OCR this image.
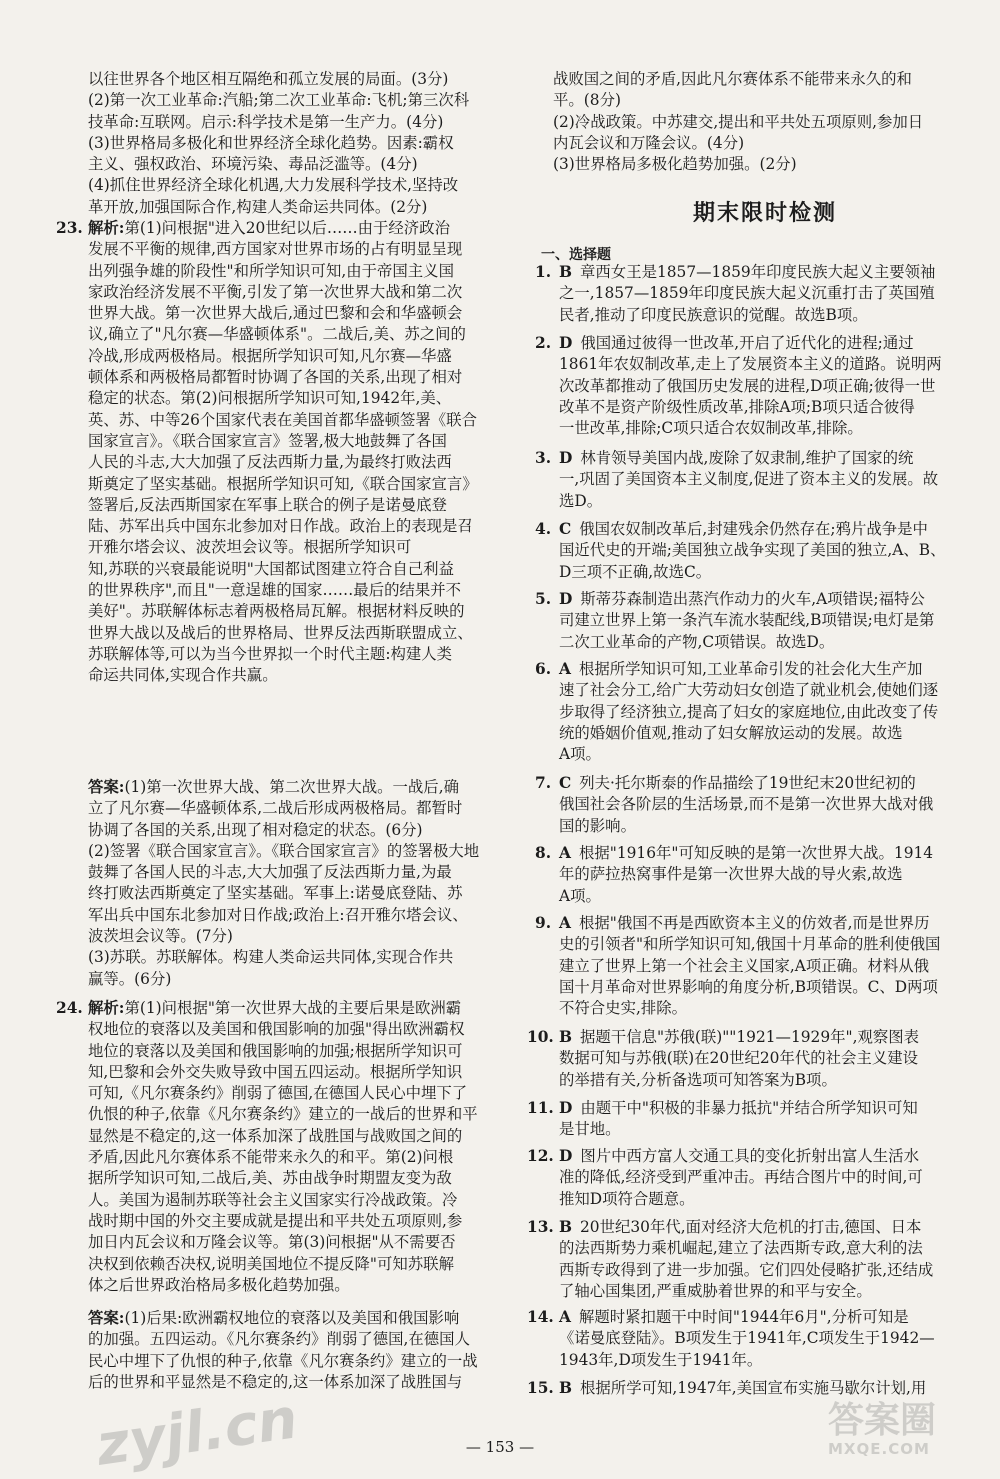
以往世界各个地区相互隔绝和孤立发展的局面。(3分)
(2)第一次工业革命:汽船;第二次工业革命:飞机;第三次科
技革命:互联网。启示:科学技术是第一生产力。(4分)
(3)世界格局多极化和世界经济全球化趋势。因素:霸权
主义、强权政治、环境污染、毒品泛滥等。(4分)
(4)抓住世界经济全球化机遇,大力发展科学技术,坚持改
革开放,加强国际合作,构建人类命运共同体。(2分)
23. 解析:第(1)问根据"进入20世纪以后……由于经济政治
发展不平衡的规律,西方国家对世界市场的占有明显呈现
出列强争雄的阶段性"和所学知识可知,由于帝国主义国
家政治经济发展不平衡,引发了第一次世界大战和第二次
世界大战。第一次世界大战后,通过巴黎和会和华盛顿会
议,确立了"凡尔赛—华盛顿体系"。二战后,美、苏之间的
冷战,形成两极格局。根据所学知识可知,凡尔赛—华盛
顿体系和两极格局都暂时协调了各国的关系,出现了相对
稳定的状态。第(2)问根据所学知识可知,1942年,美、
英、苏、中等26个国家代表在美国首都华盛顿签署《联合
国家宣言》。《联合国家宣言》签署,极大地鼓舞了各国
人民的斗志,大大加强了反法西斯力量,为最终打败法西
斯奠定了坚实基础。根据所学知识可知,《联合国家宣言》
签署后,反法西斯国家在军事上联合的例子是诺曼底登
陆、苏军出兵中国东北参加对日作战。政治上的表现是召
开雅尔塔会议、波茨坦会议等。根据所学知识可
知,苏联的兴衰最能说明"大国都试图建立符合自己利益
的世界秩序",而且"一意逞雄的国家……最后的结果并不
美好"。苏联解体标志着两极格局瓦解。根据材料反映的
世界大战以及战后的世界格局、世界反法西斯联盟成立、
苏联解体等,可以为当今世界拟一个时代主题:构建人类
命运共同体,实现合作共赢。
答案:(1)第一次世界大战、第二次世界大战。一战后,确
立了凡尔赛—华盛顿体系,二战后形成两极格局。都暂时
协调了各国的关系,出现了相对稳定的状态。(6分)
(2)签署《联合国家宣言》。《联合国家宣言》的签署极大地
鼓舞了各国人民的斗志,大大加强了反法西斯力量,为最
终打败法西斯奠定了坚实基础。军事上:诺曼底登陆、苏
军出兵中国东北参加对日作战;政治上:召开雅尔塔会议、
波茨坦会议等。(7分)
(3)苏联。苏联解体。构建人类命运共同体,实现合作共
赢等。(6分)
24. 解析:第(1)问根据"第一次世界大战的主要后果是欧洲霸
权地位的衰落以及美国和俄国影响的加强"得出欧洲霸权
地位的衰落以及美国和俄国影响的加强;根据所学知识可
知,巴黎和会外交失败导致中国五四运动。根据所学知识
可知,《凡尔赛条约》削弱了德国,在德国人民心中埋下了
仇恨的种子,依靠《凡尔赛条约》建立的一战后的世界和平
显然是不稳定的,这一体系加深了战胜国与战败国之间的
矛盾,因此凡尔赛体系不能带来永久的和平。第(2)问根
据所学知识可知,二战后,美、苏由战争时期盟友变为敌
人。美国为遏制苏联等社会主义国家实行冷战政策。冷
战时期中国的外交主要成就是提出和平共处五项原则,参
加日内瓦会议和万隆会议等。第(3)问根据"从不需要否
决权到依赖否决权,说明美国地位不提反降"可知苏联解
体之后世界政治格局多极化趋势加强。
答案:(1)后果:欧洲霸权地位的衰落以及美国和俄国影响
的加强。五四运动。《凡尔赛条约》削弱了德国,在德国人
民心中埋下了仇恨的种子,依靠《凡尔赛条约》建立的一战
后的世界和平显然是不稳定的,这一体系加深了战胜国与
战败国之间的矛盾,因此凡尔赛体系不能带来永久的和
平。(8分)
(2)冷战政策。中苏建交,提出和平共处五项原则,参加日
内瓦会议和万隆会议。(4分)
(3)世界格局多极化趋势加强。(2分)
期末限时检测
一、选择题
1. B 章西女王是1857—1859年印度民族大起义主要领袖
之一,1857—1859年印度民族大起义沉重打击了英国殖
民者,推动了印度民族意识的觉醒。故选B项。
2. D 俄国通过彼得一世改革,开启了近代化的进程;通过
1861年农奴制改革,走上了发展资本主义的道路。说明两
次改革都推动了俄国历史发展的进程,D项正确;彼得一世
改革不是资产阶级性质改革,排除A项;B项只适合彼得
一世改革,排除;C项只适合农奴制改革,排除。
3. D 林肯领导美国内战,废除了奴隶制,维护了国家的统
一,巩固了美国资本主义制度,促进了资本主义的发展。故
选D。
4. C 俄国农奴制改革后,封建残余仍然存在;鸦片战争是中
国近代史的开端;美国独立战争实现了美国的独立,A、B、
D三项不正确,故选C。
5. D 斯蒂芬森制造出蒸汽作动力的火车,A项错误;福特公
司建立世界上第一条汽车流水装配线,B项错误;电灯是第
二次工业革命的产物,C项错误。故选D。
6. A 根据所学知识可知,工业革命引发的社会化大生产加
速了社会分工,给广大劳动妇女创造了就业机会,使她们逐
步取得了经济独立,提高了妇女的家庭地位,由此改变了传
统的婚姻价值观,推动了妇女解放运动的发展。故选
A项。
7. C 列夫·托尔斯泰的作品描绘了19世纪末20世纪初的
俄国社会各阶层的生活场景,而不是第一次世界大战对俄
国的影响。
8. A 根据"1916年"可知反映的是第一次世界大战。1914
年的萨拉热窝事件是第一次世界大战的导火索,故选
A项。
9. A 根据"俄国不再是西欧资本主义的仿效者,而是世界历
史的引领者"和所学知识可知,俄国十月革命的胜利使俄国
建立了世界上第一个社会主义国家,A项正确。材料从俄
国十月革命对世界影响的角度分析,B项错误。C、D两项
不符合史实,排除。
10. B 据题干信息"苏俄(联)""1921—1929年",观察图表
数据可知与苏俄(联)在20世纪20年代的社会主义建设
的举措有关,分析备选项可知答案为B项。
11. D 由题干中"积极的非暴力抵抗"并结合所学知识可知
是甘地。
12. D 图片中西方富人交通工具的变化折射出富人生活水
准的降低,经济受到严重冲击。再结合图片中的时间,可
推知D项符合题意。
13. B 20世纪30年代,面对经济大危机的打击,德国、日本
的法西斯势力乘机崛起,建立了法西斯专政,意大利的法
西斯专政得到了进一步加强。它们四处侵略扩张,还结成
了轴心国集团,严重威胁着世界的和平与安全。
14. A 解题时紧扣题干中时间"1944年6月",分析可知是
《诺曼底登陆》。B项发生于1941年,C项发生于1942—
1943年,D项发生于1941年。
15. B 根据所学可知,1947年,美国宣布实施马歇尔计划,用
— 153 —
zyjl.cn	答案圈
MXQE.COM
